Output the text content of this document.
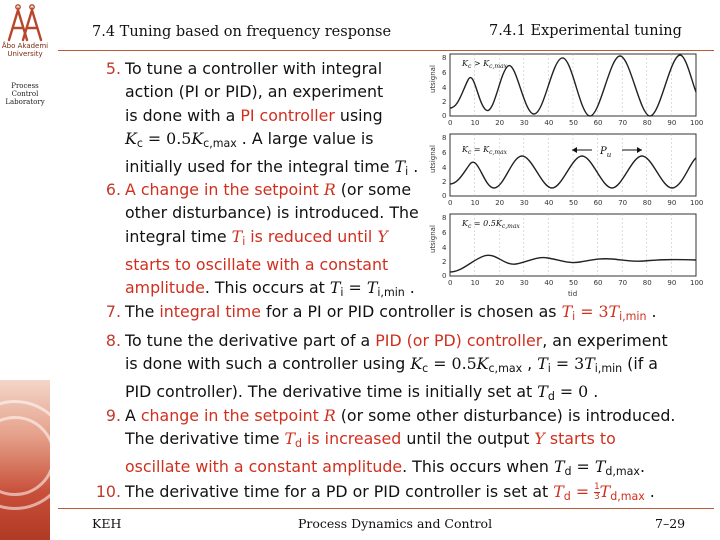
Åbo Akademi
University
Process
Control
Laboratory
7.4 Tuning based on frequency response	7.4.1 Experimental tuning
utsignal
8
6
4
2
0
0	10 20 30 40 50 60 70 80 90 100
$K_c > K_{c,max}$
utsignal
8
6
4
2
0
0	10 20 30 40 50 60 70 80 90 100
$K_c = K_{c,max}$	$P_u$
utsignal
8
6
4
2
0
0	10 20 30 40 50 60 70 80 90 100
$K_c = 0.5K_{c,max}$
tid
5. To tune a controller with integral
action (PI or PID), an experiment
is done with a PI controller using
$K_c = 0.5K_{c,max}$ . A large value is
initially used for the integral time $T_i$ .
6. A change in the setpoint R (or some
other disturbance) is introduced. The
integral time $T_i$ is reduced until Y
starts to oscillate with a constant
amplitude. This occurs at $T_i = T_{i,min}$ .
7. The integral time for a PI or PID controller is chosen as $T_i = 3T_{i,min}$ .
8. To tune the derivative part of a PID (or PD) controller, an experiment
is done with such a controller using $K_c = 0.5K_{c,max}$ , $T_i = 3T_{i,min}$ (if a
PID controller). The derivative time is initially set at $T_d = 0$ .
9. A change in the setpoint R (or some other disturbance) is introduced.
The derivative time $T_d$ is increased until the output Y starts to
oscillate with a constant amplitude. This occurs when $T_d = T_{d,max}$.
10. The derivative time for a PD or PID controller is set at $T_d = \frac{1}{3} T_{d,max}$ .
KEH	Process Dynamics and Control	7–29
